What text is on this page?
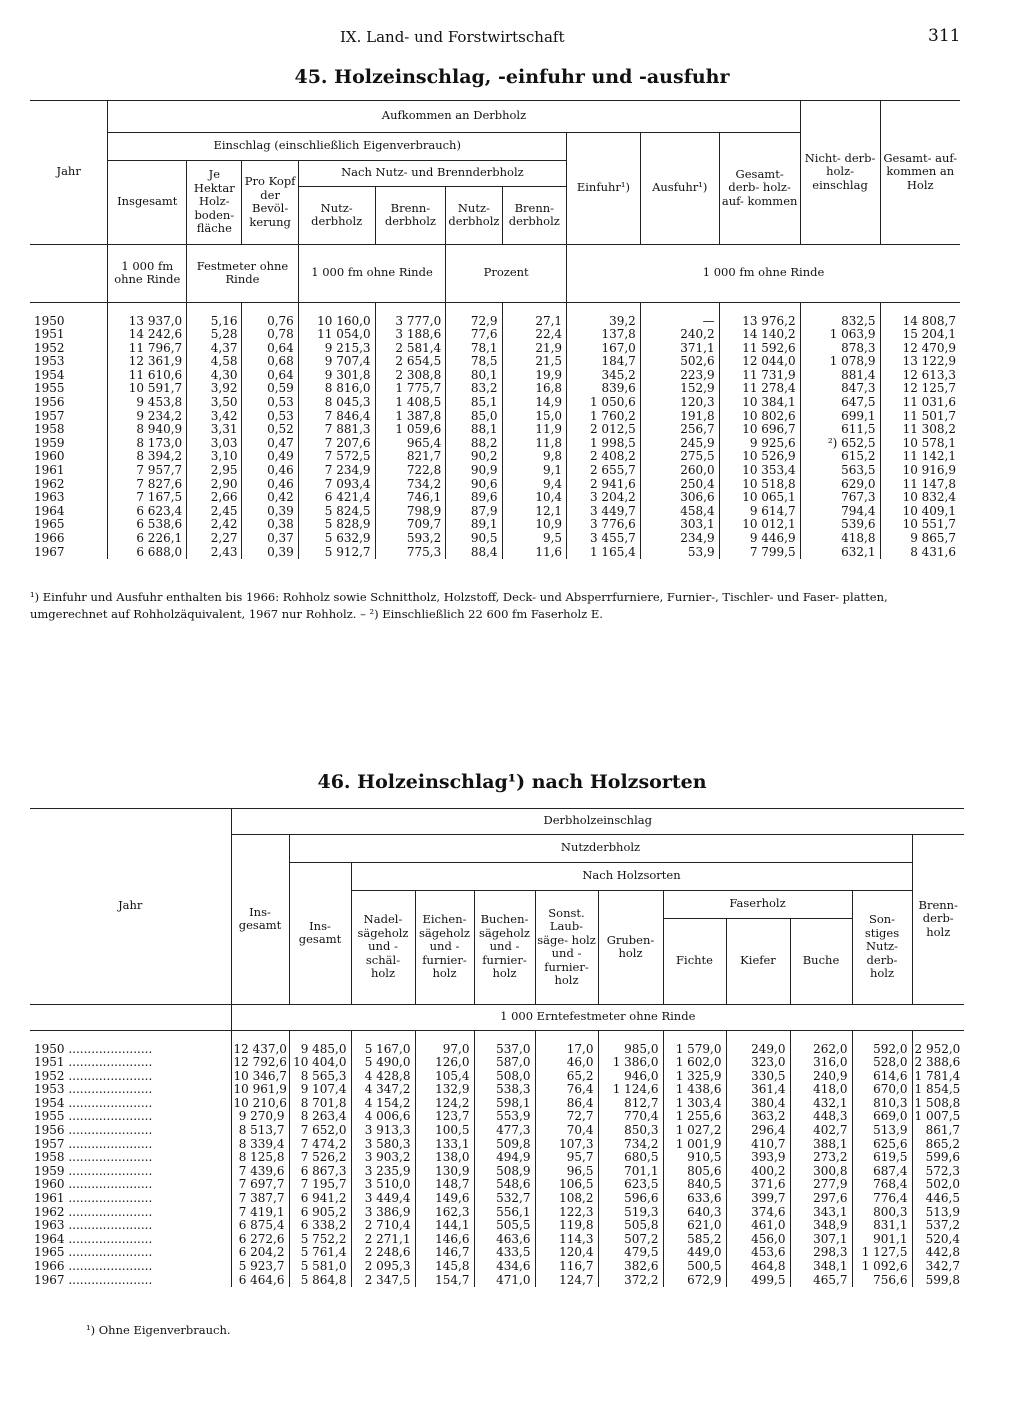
IX. Land- und Forstwirtschaft	311
45. Holzeinschlag, -einfuhr und -ausfuhr
Jahr	Aufkommen an Derbholz										Nicht- derb- holz- einschlag	Gesamt- auf- kommen an Holz
	Einschlag (einschließlich Eigenverbrauch)							Einfuhr¹)	Ausfuhr¹)	Gesamt- derb- holz- auf- kommen		
	Insgesamt	Je Hektar Holz- boden- fläche	Pro Kopf der Bevöl- kerung	Nach Nutz- und Brennderbholz								
				Nutz- derbholz	Brenn- derbholz	Nutz- derbholz	Brenn- derbholz					
	1 000 fm ohne Rinde	Festmeter ohne Rinde		1 000 fm ohne Rinde		Prozent		1 000 fm ohne Rinde				
1950	13 937,0	5,16	0,76	10 160,0	3 777,0	72,9	27,1	39,2	—	13 976,2	832,5	14 808,7
1951	14 242,6	5,28	0,78	11 054,0	3 188,6	77,6	22,4	137,8	240,2	14 140,2	1 063,9	15 204,1
1952	11 796,7	4,37	0,64	9 215,3	2 581,4	78,1	21,9	167,0	371,1	11 592,6	878,3	12 470,9
1953	12 361,9	4,58	0,68	9 707,4	2 654,5	78,5	21,5	184,7	502,6	12 044,0	1 078,9	13 122,9
1954	11 610,6	4,30	0,64	9 301,8	2 308,8	80,1	19,9	345,2	223,9	11 731,9	881,4	12 613,3
1955	10 591,7	3,92	0,59	8 816,0	1 775,7	83,2	16,8	839,6	152,9	11 278,4	847,3	12 125,7
1956	9 453,8	3,50	0,53	8 045,3	1 408,5	85,1	14,9	1 050,6	120,3	10 384,1	647,5	11 031,6
1957	9 234,2	3,42	0,53	7 846,4	1 387,8	85,0	15,0	1 760,2	191,8	10 802,6	699,1	11 501,7
1958	8 940,9	3,31	0,52	7 881,3	1 059,6	88,1	11,9	2 012,5	256,7	10 696,7	611,5	11 308,2
1959	8 173,0	3,03	0,47	7 207,6	965,4	88,2	11,8	1 998,5	245,9	9 925,6	²) 652,5	10 578,1
1960	8 394,2	3,10	0,49	7 572,5	821,7	90,2	9,8	2 408,2	275,5	10 526,9	615,2	11 142,1
1961	7 957,7	2,95	0,46	7 234,9	722,8	90,9	9,1	2 655,7	260,0	10 353,4	563,5	10 916,9
1962	7 827,6	2,90	0,46	7 093,4	734,2	90,6	9,4	2 941,6	250,4	10 518,8	629,0	11 147,8
1963	7 167,5	2,66	0,42	6 421,4	746,1	89,6	10,4	3 204,2	306,6	10 065,1	767,3	10 832,4
1964	6 623,4	2,45	0,39	5 824,5	798,9	87,9	12,1	3 449,7	458,4	9 614,7	794,4	10 409,1
1965	6 538,6	2,42	0,38	5 828,9	709,7	89,1	10,9	3 776,6	303,1	10 012,1	539,6	10 551,7
1966	6 226,1	2,27	0,37	5 632,9	593,2	90,5	9,5	3 455,7	234,9	9 446,9	418,8	9 865,7
1967	6 688,0	2,43	0,39	5 912,7	775,3	88,4	11,6	1 165,4	53,9	7 799,5	632,1	8 431,6
¹) Einfuhr und Ausfuhr enthalten bis 1966: Rohholz sowie Schnittholz, Holzstoff, Deck- und Absperrfurniere, Furnier-, Tischler- und Faser- platten, umgerechnet auf Rohholzäquivalent, 1967 nur Rohholz. – ²) Einschließlich 22 600 fm Faserholz E.
46. Holzeinschlag¹) nach Holzsorten
Jahr	Derbholzeinschlag											
	Ins- gesamt	Nutzderbholz										Brenn- derb- holz
		Ins- gesamt	Nach Holzsorten									
			Nadel- sägeholz und -schäl- holz	Eichen- sägeholz und -furnier- holz	Buchen- sägeholz und -furnier- holz	Sonst. Laub- säge- holz und -furnier- holz	Gruben- holz	Faserholz			Son- stiges Nutz- derb- holz	
								Fichte	Kiefer	Buche		

	1 000 Erntefestmeter ohne Rinde											
1950 ......................	12 437,0	9 485,0	5 167,0	97,0	537,0	17,0	985,0	1 579,0	249,0	262,0	592,0	2 952,0
1951 ......................	12 792,6	10 404,0	5 490,0	126,0	587,0	46,0	1 386,0	1 602,0	323,0	316,0	528,0	2 388,6
1952 ......................	10 346,7	8 565,3	4 428,8	105,4	508,0	65,2	946,0	1 325,9	330,5	240,9	614,6	1 781,4
1953 ......................	10 961,9	9 107,4	4 347,2	132,9	538,3	76,4	1 124,6	1 438,6	361,4	418,0	670,0	1 854,5
1954 ......................	10 210,6	8 701,8	4 154,2	124,2	598,1	86,4	812,7	1 303,4	380,4	432,1	810,3	1 508,8
1955 ......................	9 270,9	8 263,4	4 006,6	123,7	553,9	72,7	770,4	1 255,6	363,2	448,3	669,0	1 007,5
1956 ......................	8 513,7	7 652,0	3 913,3	100,5	477,3	70,4	850,3	1 027,2	296,4	402,7	513,9	861,7
1957 ......................	8 339,4	7 474,2	3 580,3	133,1	509,8	107,3	734,2	1 001,9	410,7	388,1	625,6	865,2
1958 ......................	8 125,8	7 526,2	3 903,2	138,0	494,9	95,7	680,5	910,5	393,9	273,2	619,5	599,6
1959 ......................	7 439,6	6 867,3	3 235,9	130,9	508,9	96,5	701,1	805,6	400,2	300,8	687,4	572,3
1960 ......................	7 697,7	7 195,7	3 510,0	148,7	548,6	106,5	623,5	840,5	371,6	277,9	768,4	502,0
1961 ......................	7 387,7	6 941,2	3 449,4	149,6	532,7	108,2	596,6	633,6	399,7	297,6	776,4	446,5
1962 ......................	7 419,1	6 905,2	3 386,9	162,3	556,1	122,3	519,3	640,3	374,6	343,1	800,3	513,9
1963 ......................	6 875,4	6 338,2	2 710,4	144,1	505,5	119,8	505,8	621,0	461,0	348,9	831,1	537,2
1964 ......................	6 272,6	5 752,2	2 271,1	146,6	463,6	114,3	507,2	585,2	456,0	307,1	901,1	520,4
1965 ......................	6 204,2	5 761,4	2 248,6	146,7	433,5	120,4	479,5	449,0	453,6	298,3	1 127,5	442,8
1966 ......................	5 923,7	5 581,0	2 095,3	145,8	434,6	116,7	382,6	500,5	464,8	348,1	1 092,6	342,7
1967 ......................	6 464,6	5 864,8	2 347,5	154,7	471,0	124,7	372,2	672,9	499,5	465,7	756,6	599,8
¹) Ohne Eigenverbrauch.
